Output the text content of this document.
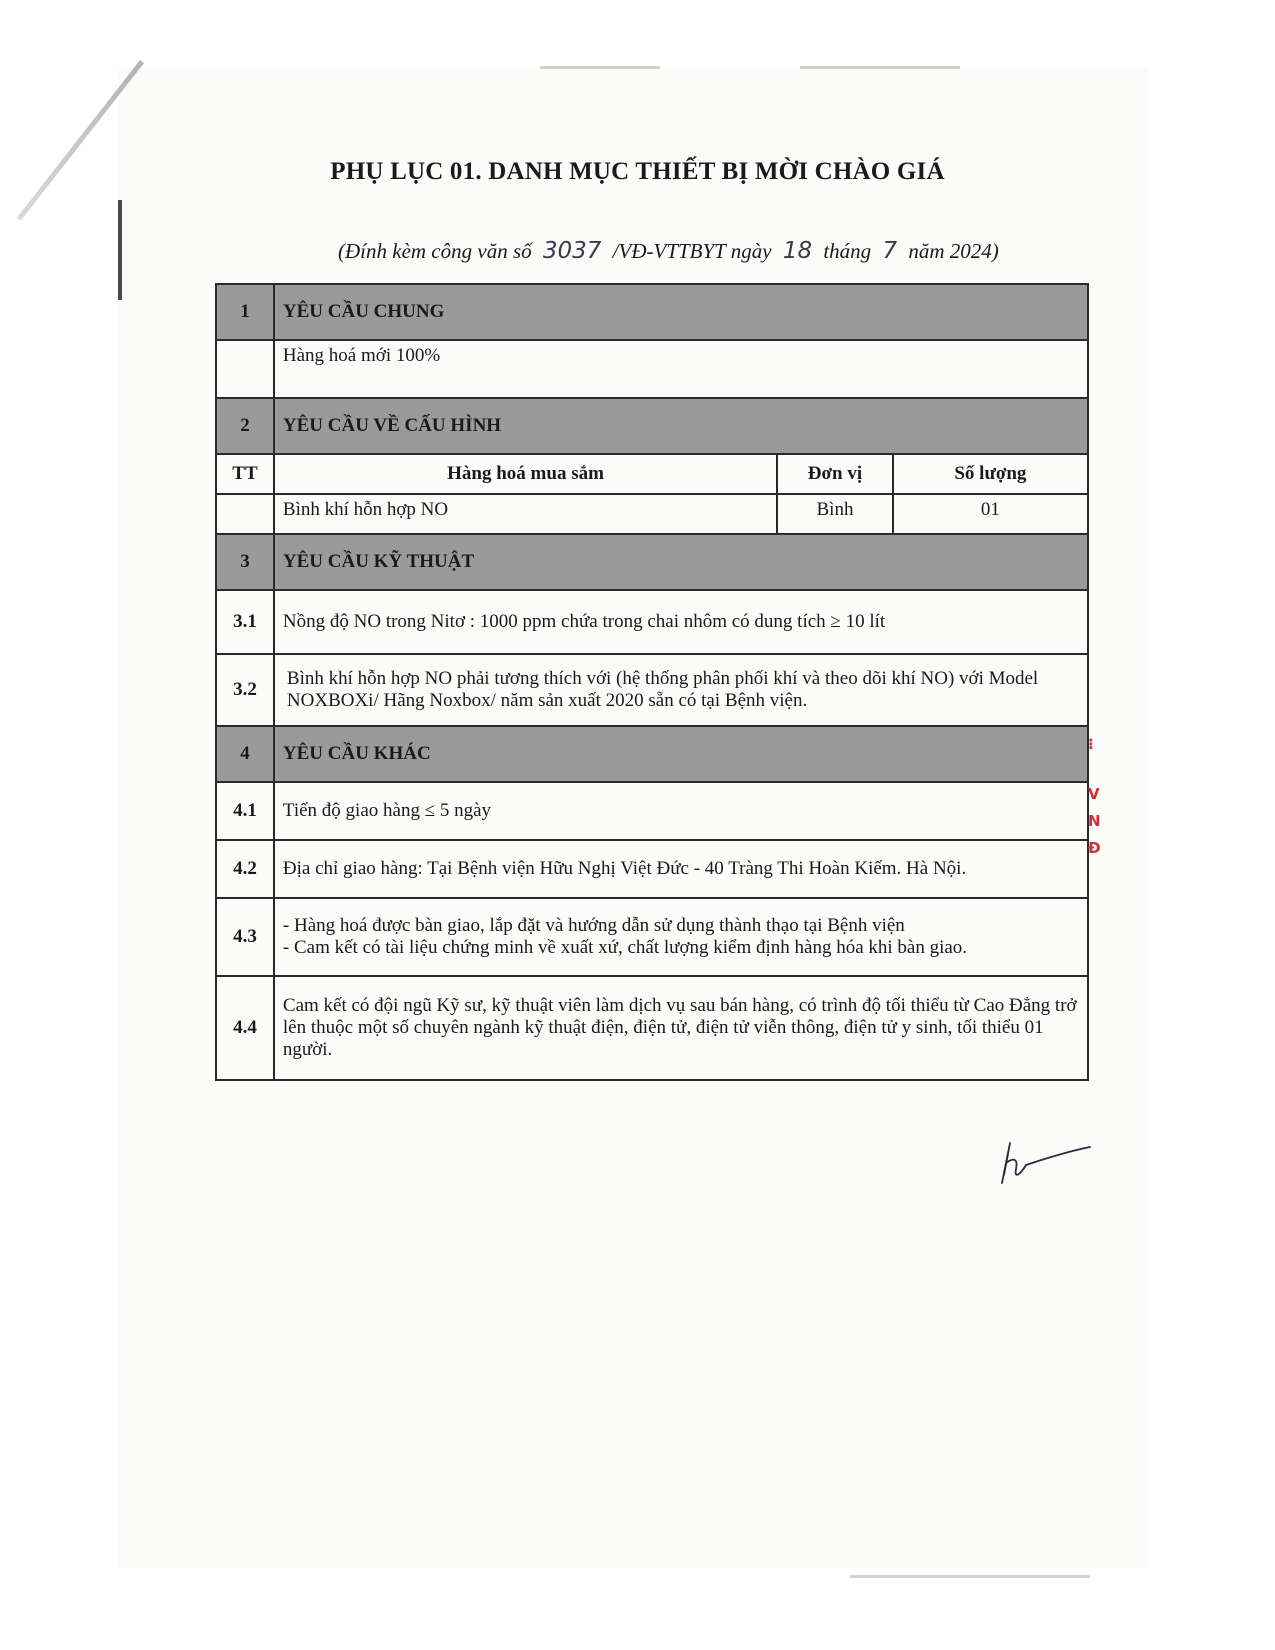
PHỤ LỤC 01. DANH MỤC THIẾT BỊ MỜI CHÀO GIÁ
(Đính kèm công văn số 3037 /VĐ-VTTBYT ngày 18 tháng 7 năm 2024)
1	YÊU CẦU CHUNG		
	Hàng hoá mới 100%		
2	YÊU CẦU VỀ CẤU HÌNH		
TT	Hàng hoá mua sắm	Đơn vị	Số lượng
	Bình khí hỗn hợp NO	Bình	01
3	YÊU CẦU KỸ THUẬT		
3.1	Nồng độ NO trong Nitơ : 1000 ppm chứa trong chai nhôm có dung tích ≥ 10 lít		
3.2	Bình khí hỗn hợp NO phải tương thích với (hệ thống phân phối khí và theo dõi khí NO) với Model NOXBOXi/ Hãng Noxbox/ năm sản xuất 2020 sẵn có tại Bệnh viện.		
4	YÊU CẦU KHÁC		
4.1	Tiến độ giao hàng ≤ 5 ngày		
4.2	Địa chỉ giao hàng: Tại Bệnh viện Hữu Nghị Việt Đức - 40 Tràng Thi Hoàn Kiếm. Hà Nội.		
4.3	- Hàng hoá được bàn giao, lắp đặt và hướng dẫn sử dụng thành thạo tại Bệnh viện
- Cam kết có tài liệu chứng minh về xuất xứ, chất lượng kiểm định hàng hóa khi bàn giao.		

4.4	Cam kết có đội ngũ Kỹ sư, kỹ thuật viên làm dịch vụ sau bán hàng, có trình độ tối thiểu từ Cao Đẳng trở lên thuộc một số chuyên ngành kỹ thuật điện, điện tử, điện tử viễn thông, điện tử y sinh, tối thiểu 01 người.		
⁝
V
N
Đ
